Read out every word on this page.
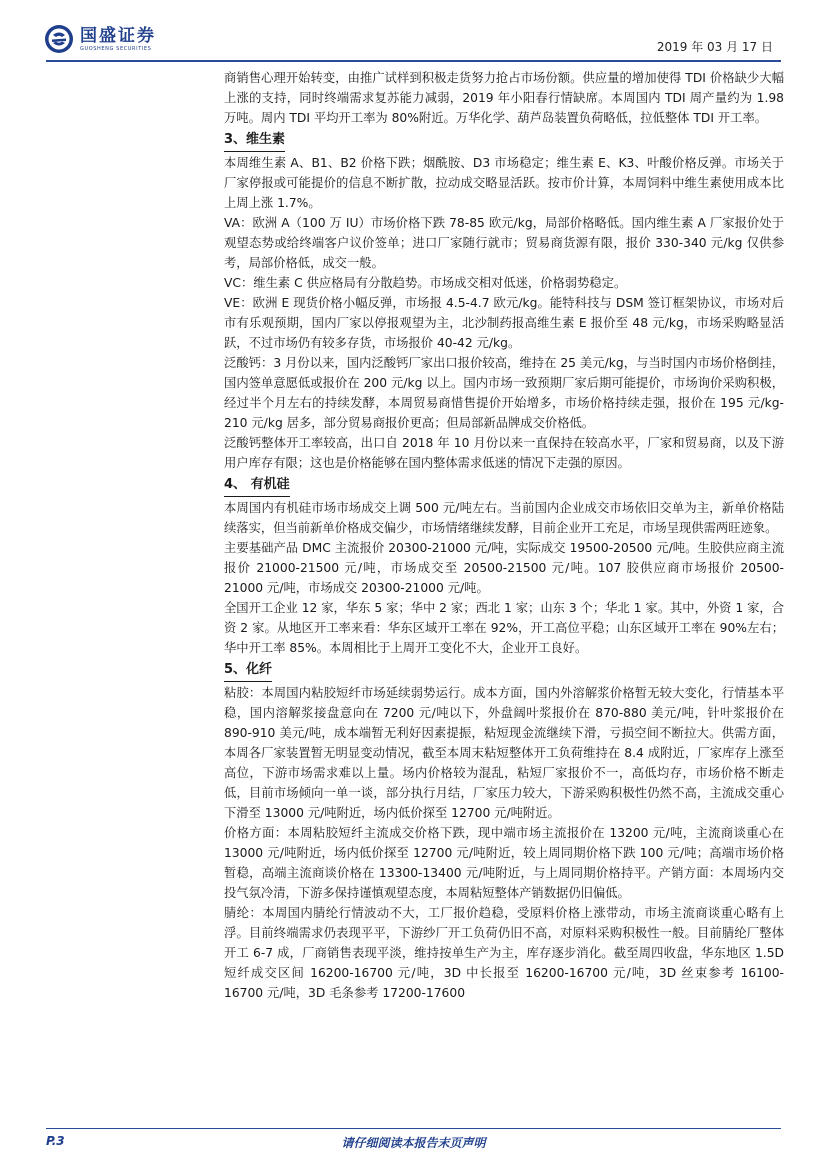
国盛证券
GUOSHENG SECURITIES	2019 年 03 月 17 日

商销售心理开始转变，由推广试样到积极走货努力抢占市场份额。供应量的增加使得 TDI 价格缺少大幅上涨的支持，同时终端需求复苏能力减弱，2019 年小阳春行情缺席。本周国内 TDI 周产量约为 1.98 万吨。周内 TDI 平均开工率为 80%附近。万华化学、葫芦岛装置负荷略低，拉低整体 TDI 开工率。

3、维生素

本周维生素 A、B1、B2 价格下跌；烟酰胺、D3 市场稳定；维生素 E、K3、叶酸价格反弹。市场关于厂家停报或可能提价的信息不断扩散，拉动成交略显活跃。按市价计算，本周饲料中维生素使用成本比上周上涨 1.7%。

VA：欧洲 A（100 万 IU）市场价格下跌 78-85 欧元/kg，局部价格略低。国内维生素 A 厂家报价处于观望态势或给终端客户议价签单；进口厂家随行就市；贸易商货源有限，报价 330-340 元/kg 仅供参考，局部价格低，成交一般。

VC：维生素 C 供应格局有分散趋势。市场成交相对低迷，价格弱势稳定。

VE：欧洲 E 现货价格小幅反弹，市场报 4.5-4.7 欧元/kg。能特科技与 DSM 签订框架协议，市场对后市有乐观预期，国内厂家以停报观望为主，北沙制药报高维生素 E 报价至 48 元/kg，市场采购略显活跃，不过市场仍有较多存货，市场报价 40-42 元/kg。

泛酸钙：3 月份以来，国内泛酸钙厂家出口报价较高，维持在 25 美元/kg，与当时国内市场价格倒挂，国内签单意愿低或报价在 200 元/kg 以上。国内市场一致预期厂家后期可能提价，市场询价采购积极，经过半个月左右的持续发酵，本周贸易商惜售提价开始增多，市场价格持续走强，报价在 195 元/kg-210 元/kg 居多，部分贸易商报价更高；但局部新品牌成交价格低。

泛酸钙整体开工率较高，出口自 2018 年 10 月份以来一直保持在较高水平，厂家和贸易商，以及下游用户库存有限；这也是价格能够在国内整体需求低迷的情况下走强的原因。

4、 有机硅

本周国内有机硅市场市场成交上调 500 元/吨左右。当前国内企业成交市场依旧交单为主，新单价格陆续落实，但当前新单价格成交偏少，市场情绪继续发酵，目前企业开工充足，市场呈现供需两旺迹象。

主要基础产品 DMC 主流报价 20300-21000 元/吨，实际成交 19500-20500 元/吨。生胶供应商主流报价 21000-21500 元/吨，市场成交至 20500-21500 元/吨。107 胶供应商市场报价 20500-21000 元/吨，市场成交 20300-21000 元/吨。

全国开工企业 12 家，华东 5 家；华中 2 家；西北 1 家；山东 3 个；华北 1 家。其中，外资 1 家，合资 2 家。从地区开工率来看：华东区域开工率在 92%，开工高位平稳；山东区域开工率在 90%左右；华中开工率 85%。本周相比于上周开工变化不大，企业开工良好。

5、化纤

粘胶：本周国内粘胶短纤市场延续弱势运行。成本方面，国内外溶解浆价格暂无较大变化，行情基本平稳，国内溶解浆接盘意向在 7200 元/吨以下，外盘阔叶浆报价在 870-880 美元/吨，针叶浆报价在 890-910 美元/吨，成本端暂无利好因素提振，粘短现金流继续下滑，亏损空间不断拉大。供需方面，本周各厂家装置暂无明显变动情况，截至本周末粘短整体开工负荷维持在 8.4 成附近，厂家库存上涨至高位，下游市场需求难以上量。场内价格较为混乱，粘短厂家报价不一，高低均存，市场价格不断走低，目前市场倾向一单一谈，部分执行月结，厂家压力较大，下游采购积极性仍然不高，主流成交重心下滑至 13000 元/吨附近，场内低价探至 12700 元/吨附近。

价格方面：本周粘胶短纤主流成交价格下跌，现中端市场主流报价在 13200 元/吨，主流商谈重心在 13000 元/吨附近，场内低价探至 12700 元/吨附近，较上周同期价格下跌 100 元/吨；高端市场价格暂稳，高端主流商谈价格在 13300-13400 元/吨附近，与上周同期价格持平。产销方面：本周场内交投气氛冷清，下游多保持谨慎观望态度，本周粘短整体产销数据仍旧偏低。

腈纶：本周国内腈纶行情波动不大，工厂报价趋稳，受原料价格上涨带动，市场主流商谈重心略有上浮。目前终端需求仍表现平平，下游纱厂开工负荷仍旧不高，对原料采购积极性一般。目前腈纶厂整体开工 6-7 成，厂商销售表现平淡，维持按单生产为主，库存逐步消化。截至周四收盘，华东地区 1.5D 短纤成交区间 16200-16700 元/吨，3D 中长报至 16200-16700 元/吨，3D 丝束参考 16100-16700 元/吨，3D 毛条参考 17200-17600

P.3	请仔细阅读本报告末页声明
